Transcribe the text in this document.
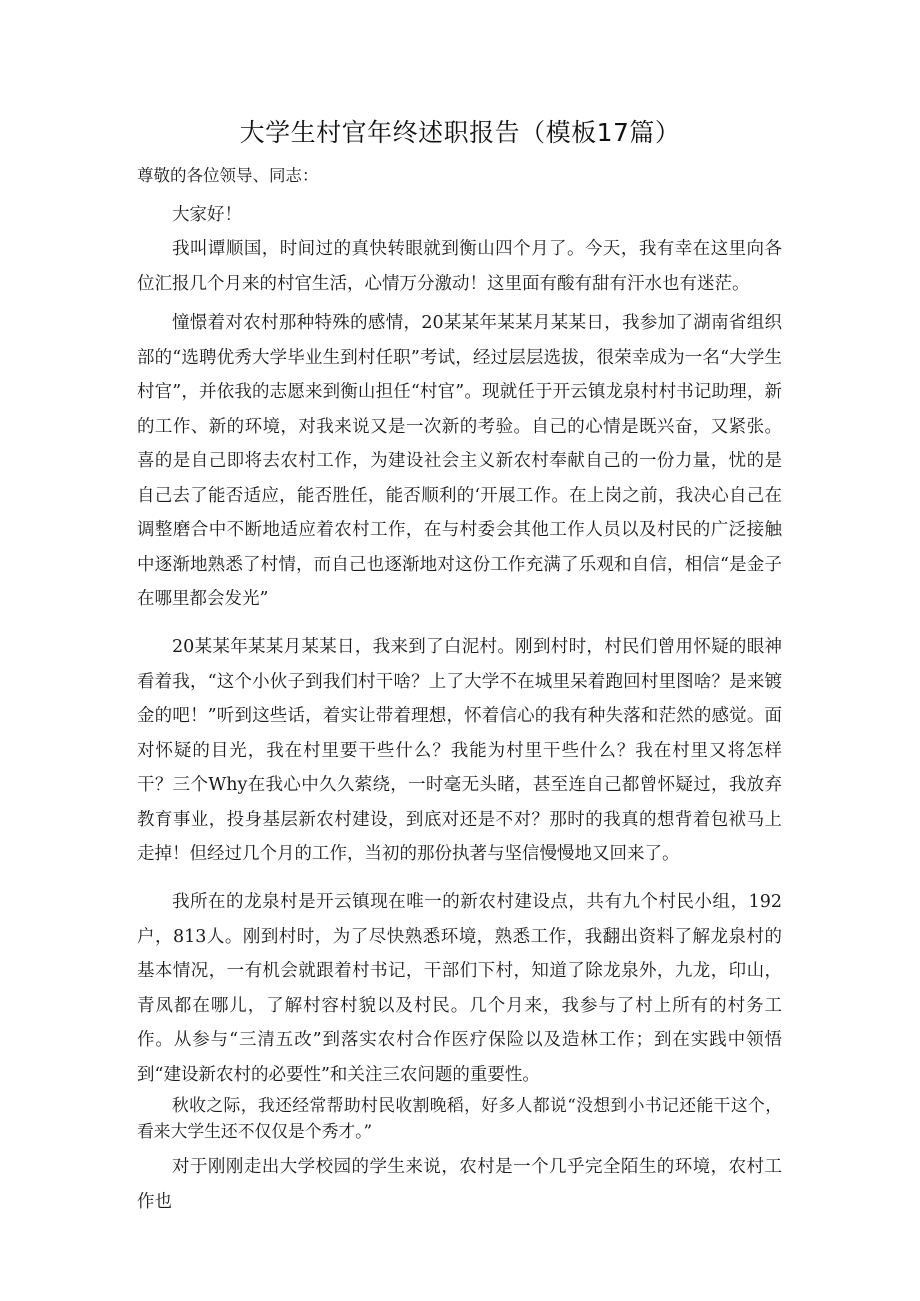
大学生村官年终述职报告（模板17篇）
尊敬的各位领导、同志：

大家好！

我叫谭顺国，时间过的真快转眼就到衡山四个月了。今天，我有幸在这里向各位汇报几个月来的村官生活，心情万分激动！这里面有酸有甜有汗水也有迷茫。

憧憬着对农村那种特殊的感情，20某某年某某月某某日，我参加了湖南省组织部的“选聘优秀大学毕业生到村任职”考试，经过层层选拔，很荣幸成为一名“大学生村官”，并依我的志愿来到衡山担任“村官”。现就任于开云镇龙泉村村书记助理，新的工作、新的环境，对我来说又是一次新的考验。自己的心情是既兴奋，又紧张。喜的是自己即将去农村工作，为建设社会主义新农村奉献自己的一份力量，忧的是自己去了能否适应，能否胜任，能否顺利的‘开展工作。在上岗之前，我决心自己在调整磨合中不断地适应着农村工作，在与村委会其他工作人员以及村民的广泛接触中逐渐地熟悉了村情，而自己也逐渐地对这份工作充满了乐观和自信，相信“是金子在哪里都会发光”

20某某年某某月某某日，我来到了白泥村。刚到村时，村民们曾用怀疑的眼神看着我，“这个小伙子到我们村干啥？上了大学不在城里呆着跑回村里图啥？是来镀金的吧！”听到这些话，着实让带着理想，怀着信心的我有种失落和茫然的感觉。面对怀疑的目光，我在村里要干些什么？我能为村里干些什么？我在村里又将怎样干？三个Why在我心中久久萦绕，一时毫无头睹，甚至连自己都曾怀疑过，我放弃教育事业，投身基层新农村建设，到底对还是不对？那时的我真的想背着包袱马上走掉！但经过几个月的工作，当初的那份执著与坚信慢慢地又回来了。

我所在的龙泉村是开云镇现在唯一的新农村建设点，共有九个村民小组，192户，813人。刚到村时，为了尽快熟悉环境，熟悉工作，我翻出资料了解龙泉村的基本情况，一有机会就跟着村书记，干部们下村，知道了除龙泉外，九龙，印山，青凤都在哪儿，了解村容村貌以及村民。几个月来，我参与了村上所有的村务工作。从参与“三清五改”到落实农村合作医疗保险以及造林工作；到在实践中领悟到“建设新农村的必要性”和关注三农问题的重要性。

秋收之际，我还经常帮助村民收割晚稻，好多人都说“没想到小书记还能干这个，看来大学生还不仅仅是个秀才。”

对于刚刚走出大学校园的学生来说，农村是一个几乎完全陌生的环境，农村工作也
